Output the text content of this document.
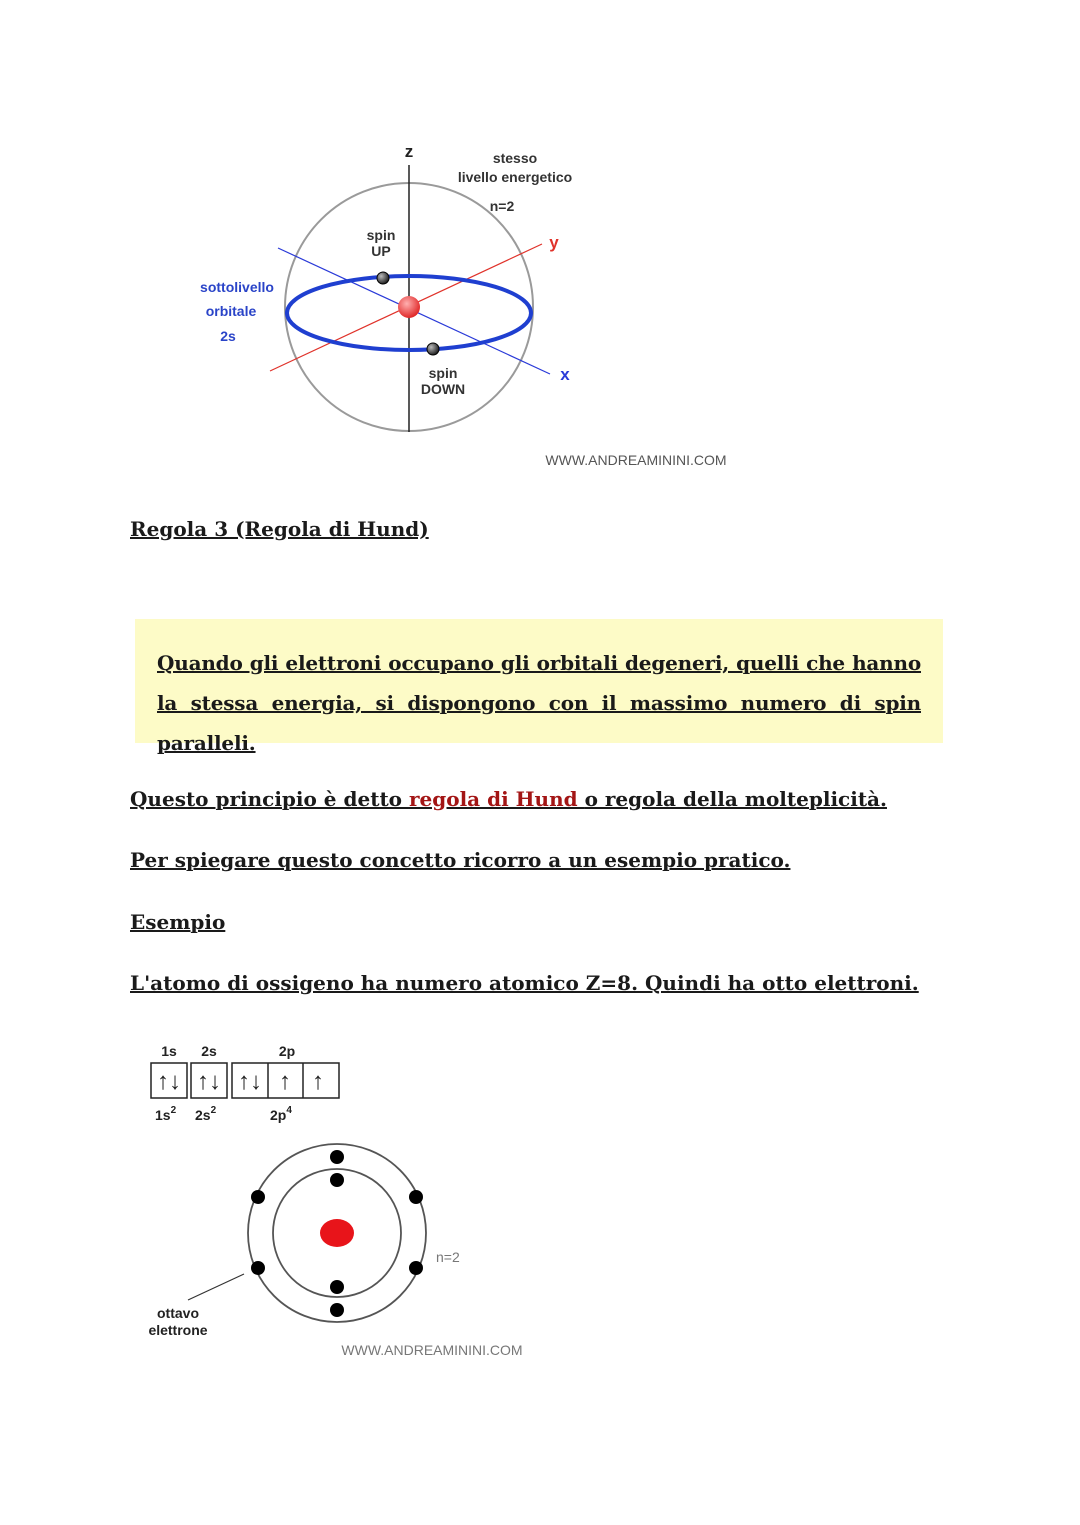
z
y
x
stesso
livello energetico
n=2
spin
UP
spin
DOWN
sottolivello
orbitale
2s
WWW.ANDREAMININI.COM
Regola 3 (Regola di Hund)
Quando gli elettroni occupano gli orbitali degeneri, quelli che hanno la stessa energia, si dispongono con il massimo numero di spin paralleli.
Questo principio è detto regola di Hund o regola della molteplicità.
Per spiegare questo concetto ricorro a un esempio pratico.
Esempio
L'atomo di ossigeno ha numero atomico Z=8. Quindi ha otto elettroni.
1s 2s	2p
↑↓ ↑↓ ↑↓ ↑ ↑
$1s^2$ $2s^2$	$2p^4$
n=2
ottavo
elettrone
WWW.ANDREAMININI.COM
